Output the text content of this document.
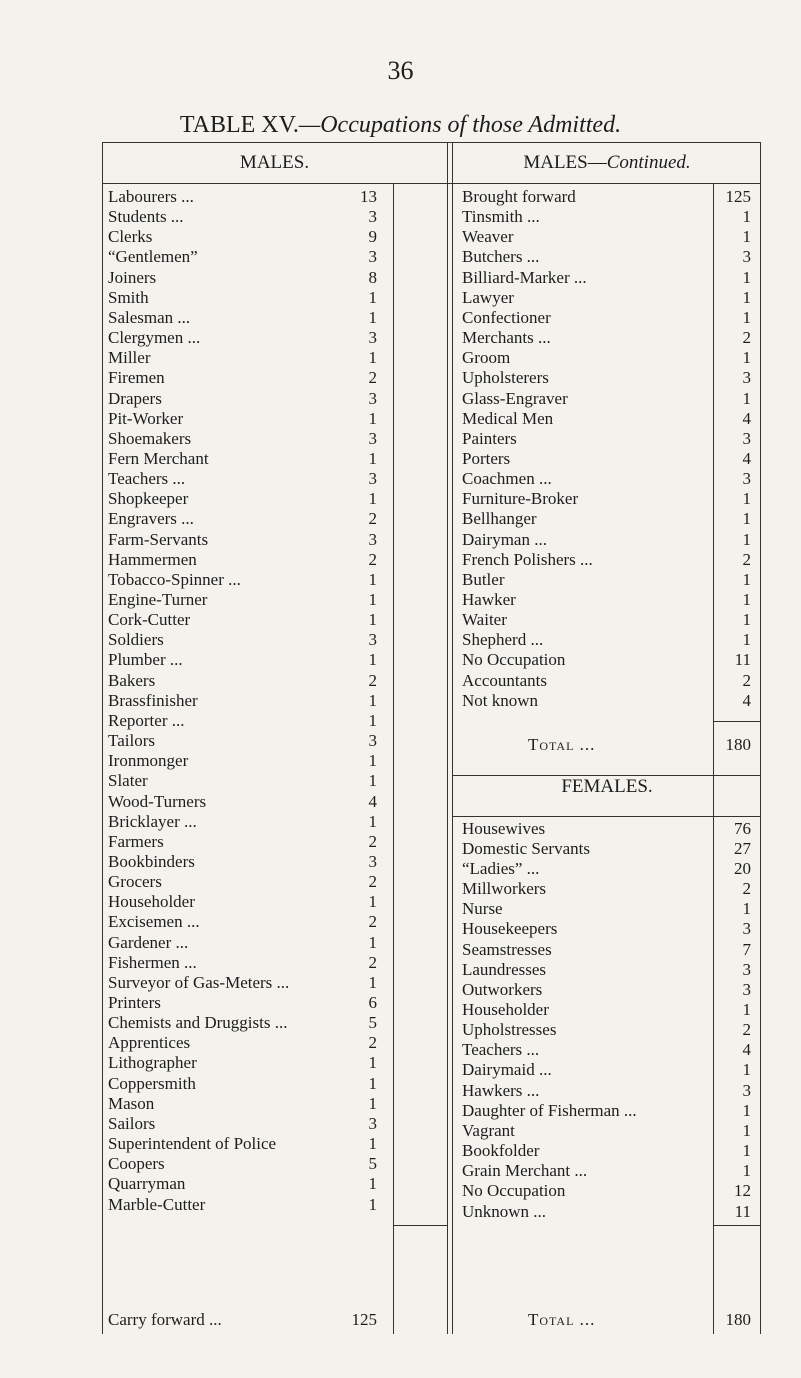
36
TABLE XV.—Occupations of those Admitted.
MALES.	MALES—Continued.
Labourers ...	13
Students ...	3
Clerks	9
“Gentlemen”	3
Joiners	8
Smith	1
Salesman ...	1
Clergymen ...	3
Miller	1
Firemen	2
Drapers	3
Pit-Worker	1
Shoemakers	3
Fern Merchant	1
Teachers ...	3
Shopkeeper	1
Engravers ...	2
Farm-Servants	3
Hammermen	2
Tobacco-Spinner ...	1
Engine-Turner	1
Cork-Cutter	1
Soldiers	3
Plumber ...	1
Bakers	2
Brassfinisher	1
Reporter ...	1
Tailors	3
Ironmonger	1
Slater	1
Wood-Turners	4
Bricklayer ...	1
Farmers	2
Bookbinders	3
Grocers	2
Householder	1
Excisemen ...	2
Gardener ...	1
Fishermen ...	2
Surveyor of Gas-Meters ...	1
Printers	6
Chemists and Druggists ...	5
Apprentices	2
Lithographer	1
Coppersmith	1
Mason	1
Sailors	3
Superintendent of Police	1
Coopers	5
Quarryman	1
Marble-Cutter	1
Carry forward ...	125
Brought forward	125
Tinsmith ...	1
Weaver	1
Butchers ...	3
Billiard-Marker ...	1
Lawyer	1
Confectioner	1
Merchants ...	2
Groom	1
Upholsterers	3
Glass-Engraver	1
Medical Men	4
Painters	3
Porters	4
Coachmen ...	3
Furniture-Broker	1
Bellhanger	1
Dairyman ...	1
French Polishers ...	2
Butler	1
Hawker	1
Waiter	1
Shepherd ...	1
No Occupation	11
Accountants	2
Not known	4
Total ...	180
FEMALES.
Housewives	76
Domestic Servants	27
“Ladies” ...	20
Millworkers	2
Nurse	1
Housekeepers	3
Seamstresses	7
Laundresses	3
Outworkers	3
Householder	1
Upholstresses	2
Teachers ...	4
Dairymaid ...	1
Hawkers ...	3
Daughter of Fisherman ...	1
Vagrant	1
Bookfolder	1
Grain Merchant ...	1
No Occupation	12
Unknown ...	11
Total ...	180
